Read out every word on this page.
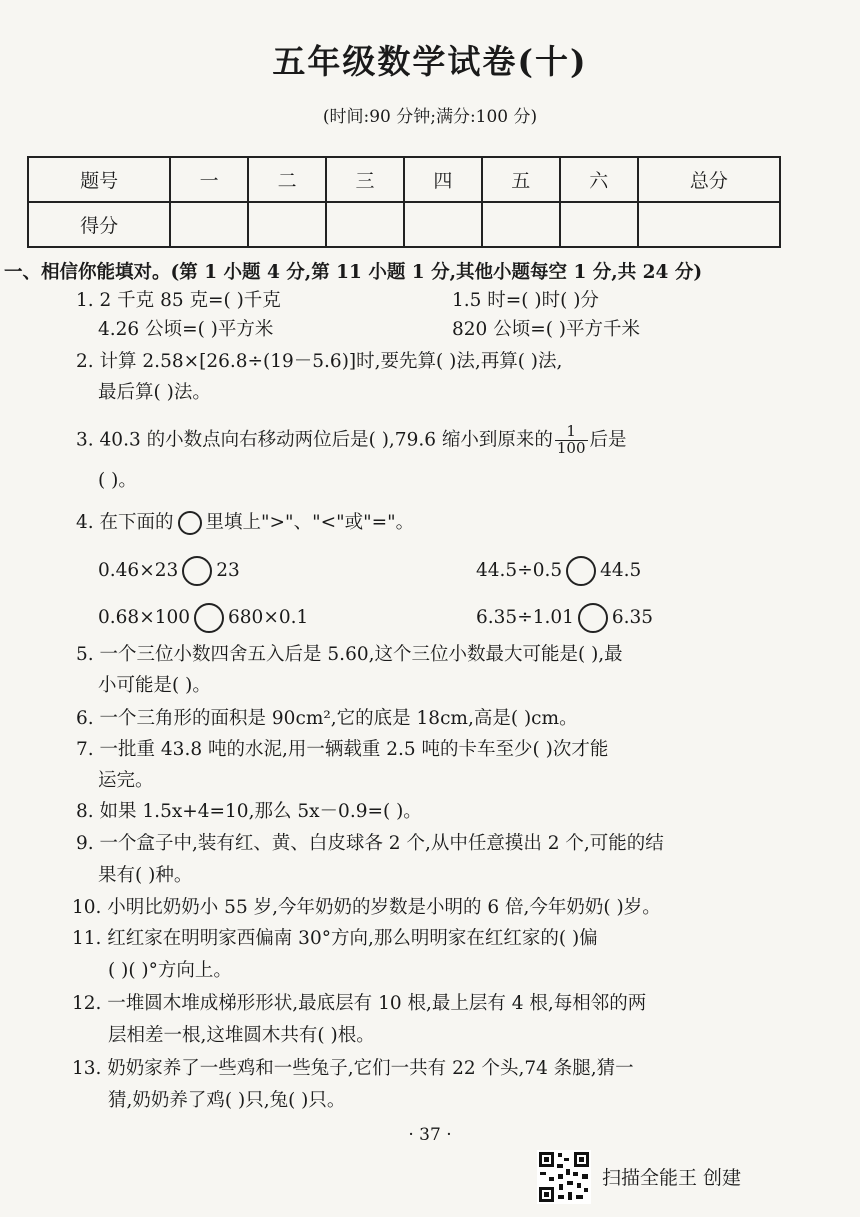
五年级数学试卷(十)
(时间:90 分钟;满分:100 分)
题号	一	二	三	四	五	六	总分
得分							
一、相信你能填对。(第 1 小题 4 分,第 11 小题 1 分,其他小题每空 1 分,共 24 分)
1. 2 千克 85 克=( )千克	1.5 时=( )时( )分
4.26 公顷=( )平方米	820 公顷=( )平方千米
2. 计算 2.58×[26.8÷(19－5.6)]时,要先算( )法,再算( )法,
最后算( )法。
3. 40.3 的小数点向右移动两位后是( ),79.6 缩小到原来的 $\frac{1}{100}$ 后是
( )。
4. 在下面的 里填上">"、"<"或"="。
0.46×23 23	44.5÷0.5 44.5
0.68×100 680×0.1	6.35÷1.01 6.35
5. 一个三位小数四舍五入后是 5.60,这个三位小数最大可能是( ),最
小可能是( )。
6. 一个三角形的面积是 90cm²,它的底是 18cm,高是( )cm。
7. 一批重 43.8 吨的水泥,用一辆载重 2.5 吨的卡车至少( )次才能
运完。
8. 如果 1.5x+4=10,那么 5x－0.9=( )。
9. 一个盒子中,装有红、黄、白皮球各 2 个,从中任意摸出 2 个,可能的结
果有( )种。
10. 小明比奶奶小 55 岁,今年奶奶的岁数是小明的 6 倍,今年奶奶( )岁。
11. 红红家在明明家西偏南 30°方向,那么明明家在红红家的( )偏
( )( )°方向上。
12. 一堆圆木堆成梯形形状,最底层有 10 根,最上层有 4 根,每相邻的两
层相差一根,这堆圆木共有( )根。
13. 奶奶家养了一些鸡和一些兔子,它们一共有 22 个头,74 条腿,猜一
猜,奶奶养了鸡( )只,兔( )只。
· 37 ·
扫描全能王 创建
